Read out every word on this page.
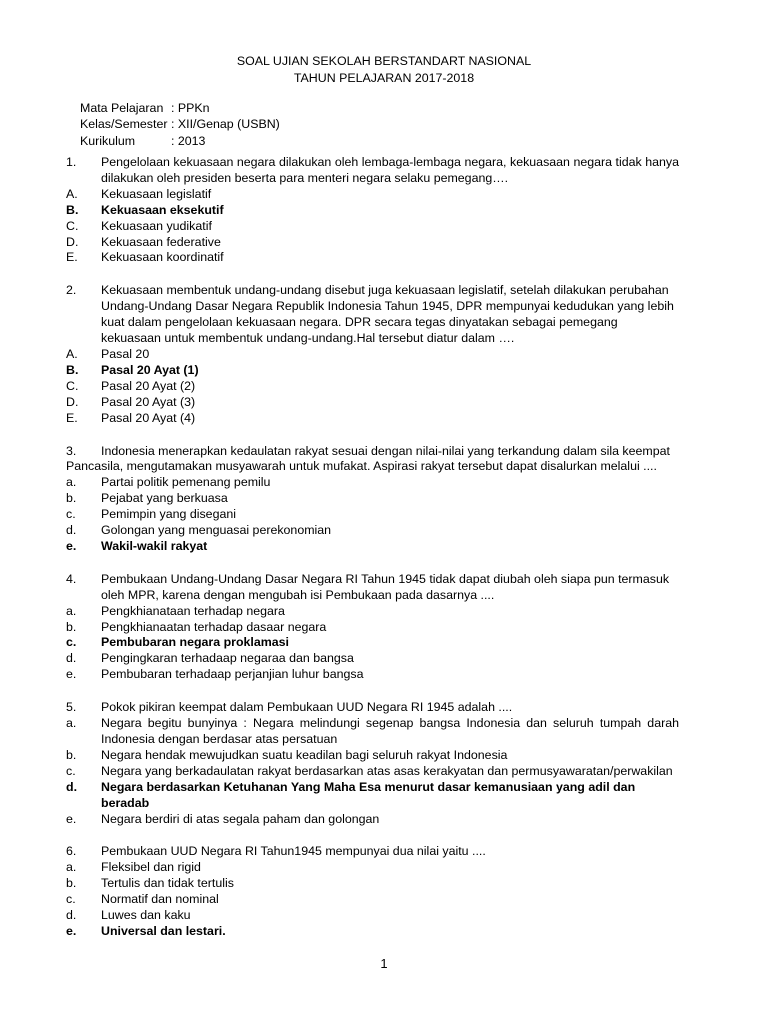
SOAL UJIAN SEKOLAH BERSTANDART NASIONAL
TAHUN PELAJARAN 2017-2018
Mata Pelajaran : PPKn
Kelas/Semester : XII/Genap (USBN)
Kurikulum	: 2013
1.	Pengelolaan kekuasaan negara dilakukan oleh lembaga-lembaga negara, kekuasaan negara tidak hanya dilakukan oleh presiden beserta para menteri negara selaku pemegang….
A.	Kekuasaan legislatif
B.	Kekuasaan eksekutif
C.	Kekuasaan yudikatif
D.	Kekuasaan federative
E.	Kekuasaan koordinatif
2.	Kekuasaan membentuk undang-undang disebut juga kekuasaan legislatif, setelah dilakukan perubahan Undang-Undang Dasar Negara Republik Indonesia Tahun 1945, DPR mempunyai kedudukan yang lebih kuat dalam pengelolaan kekuasaan negara. DPR secara tegas dinyatakan sebagai pemegang kekuasaan untuk membentuk undang-undang.Hal tersebut diatur dalam ….
A.	Pasal 20
B.	Pasal 20 Ayat (1)
C.	Pasal 20 Ayat (2)
D.	Pasal 20 Ayat (3)
E.	Pasal 20 Ayat (4)
3. Indonesia menerapkan kedaulatan rakyat sesuai dengan nilai-nilai yang terkandung dalam sila keempat Pancasila, mengutamakan musyawarah untuk mufakat. Aspirasi rakyat tersebut dapat disalurkan melalui ....
a.	Partai politik pemenang pemilu
b.	Pejabat yang berkuasa
c.	Pemimpin yang disegani
d.	Golongan yang menguasai perekonomian
e.	Wakil-wakil rakyat
4.	Pembukaan Undang-Undang Dasar Negara RI Tahun 1945 tidak dapat diubah oleh siapa pun termasuk oleh MPR, karena dengan mengubah isi Pembukaan pada dasarnya ....
a.	Pengkhianataan terhadap negara
b.	Pengkhianaatan terhadap dasaar negara
c.	Pembubaran negara proklamasi
d.	Pengingkaran terhadaap negaraa dan bangsa
e.	Pembubaran terhadaap perjanjian luhur bangsa
5.	Pokok pikiran keempat dalam Pembukaan UUD Negara RI 1945 adalah ....
a.	Negara begitu bunyinya : Negara melindungi segenap bangsa Indonesia dan seluruh tumpah darah Indonesia dengan berdasar atas persatuan
b.	Negara hendak mewujudkan suatu keadilan bagi seluruh rakyat Indonesia
c.	Negara yang berkadaulatan rakyat berdasarkan atas asas kerakyatan dan permusyawaratan/perwakilan
d.	Negara berdasarkan Ketuhanan Yang Maha Esa menurut dasar kemanusiaan yang adil dan beradab
e.	Negara berdiri di atas segala paham dan golongan
6.	Pembukaan UUD Negara RI Tahun1945 mempunyai dua nilai yaitu ....
a.	Fleksibel dan rigid
b.	Tertulis dan tidak tertulis
c.	Normatif dan nominal
d.	Luwes dan kaku
e.	Universal dan lestari.
1
